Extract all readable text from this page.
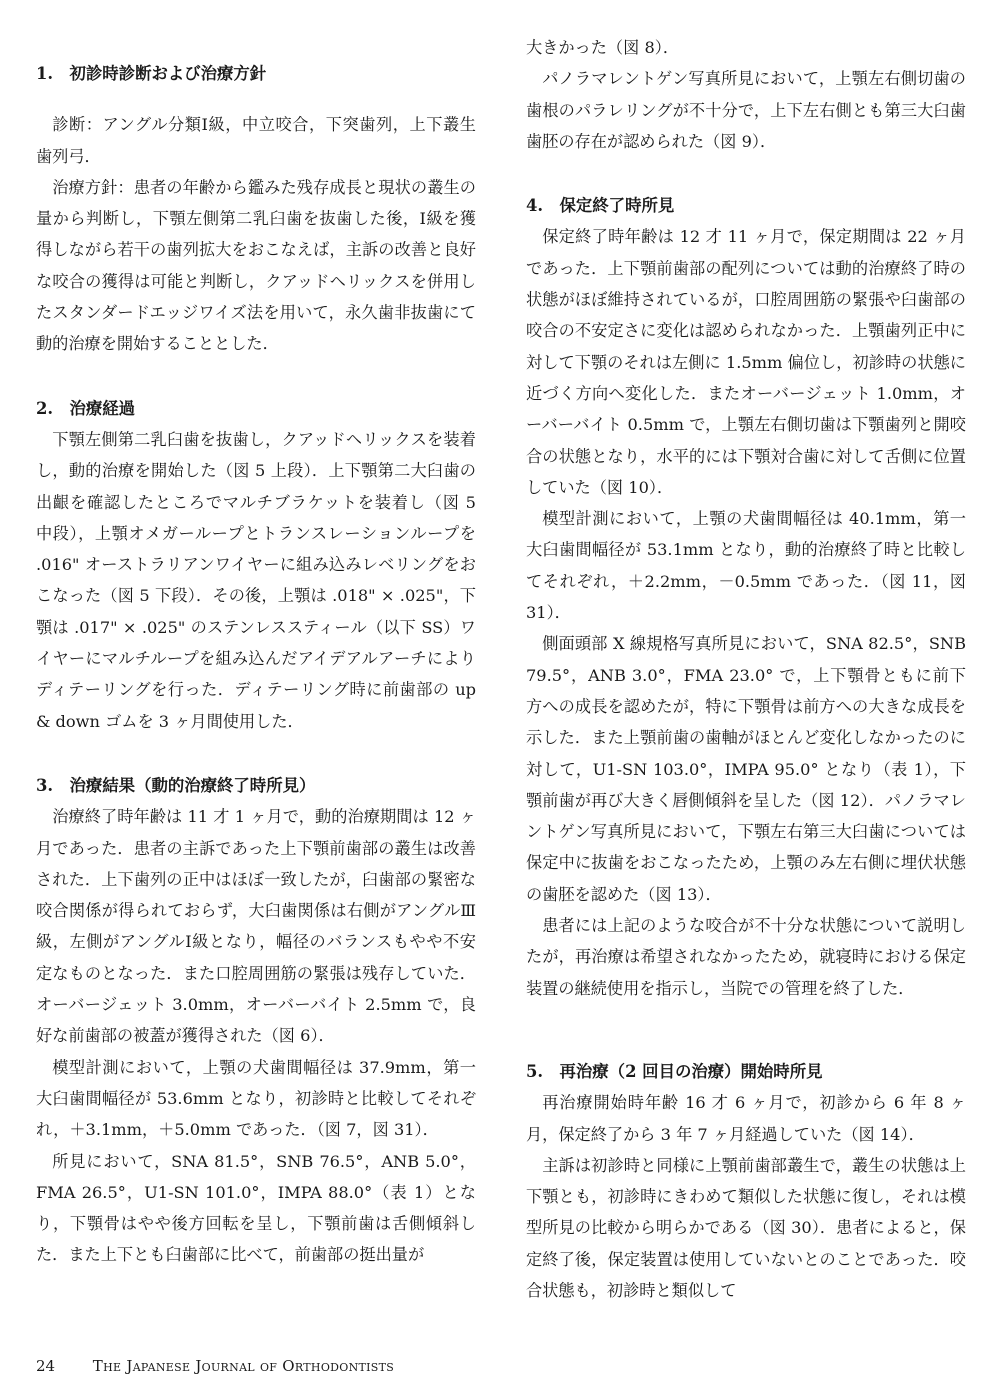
1.　初診時診断および治療方針

診断：アングル分類Ⅰ級，中立咬合，下突歯列，上下叢生歯列弓．

治療方針：患者の年齢から鑑みた残存成長と現状の叢生の量から判断し，下顎左側第二乳臼歯を抜歯した後，Ⅰ級を獲得しながら若干の歯列拡大をおこなえば，主訴の改善と良好な咬合の獲得は可能と判断し，クアッドヘリックスを併用したスタンダードエッジワイズ法を用いて，永久歯非抜歯にて動的治療を開始することとした．

2.　治療経過

下顎左側第二乳臼歯を抜歯し，クアッドヘリックスを装着し，動的治療を開始した（図 5 上段）．上下顎第二大臼歯の出齦を確認したところでマルチブラケットを装着し（図 5 中段），上顎オメガーループとトランスレーションループを .016" オーストラリアンワイヤーに組み込みレベリングをおこなった（図 5 下段）．その後，上顎は .018" × .025"，下顎は .017" × .025" のステンレススティール（以下 SS）ワイヤーにマルチループを組み込んだアイデアルアーチによりディテーリングを行った．ディテーリング時に前歯部の up & down ゴムを 3 ヶ月間使用した．

3.　治療結果（動的治療終了時所見）

治療終了時年齢は 11 才 1 ヶ月で，動的治療期間は 12 ヶ月であった．患者の主訴であった上下顎前歯部の叢生は改善された．上下歯列の正中はほぼ一致したが，臼歯部の緊密な咬合関係が得られておらず，大臼歯関係は右側がアングルⅢ級，左側がアングルⅠ級となり，幅径のバランスもやや不安定なものとなった．また口腔周囲筋の緊張は残存していた．オーバージェット 3.0mm，オーバーバイト 2.5mm で，良好な前歯部の被蓋が獲得された（図 6）．

模型計測において，上顎の犬歯間幅径は 37.9mm，第一大臼歯間幅径が 53.6mm となり，初診時と比較してそれぞれ，＋3.1mm，＋5.0mm であった．（図 7，図 31）．

所見において，SNA 81.5°，SNB 76.5°，ANB 5.0°，FMA 26.5°，U1-SN 101.0°，IMPA 88.0°（表 1）となり，下顎骨はやや後方回転を呈し，下顎前歯は舌側傾斜した．また上下とも臼歯部に比べて，前歯部の挺出量が

大きかった（図 8）．

パノラマレントゲン写真所見において，上顎左右側切歯の歯根のパラレリングが不十分で，上下左右側とも第三大臼歯歯胚の存在が認められた（図 9）．

4.　保定終了時所見

保定終了時年齢は 12 才 11 ヶ月で，保定期間は 22 ヶ月であった．上下顎前歯部の配列については動的治療終了時の状態がほぼ維持されているが，口腔周囲筋の緊張や臼歯部の咬合の不安定さに変化は認められなかった．上顎歯列正中に対して下顎のそれは左側に 1.5mm 偏位し，初診時の状態に近づく方向へ変化した．またオーバージェット 1.0mm，オーバーバイト 0.5mm で，上顎左右側切歯は下顎歯列と開咬合の状態となり，水平的には下顎対合歯に対して舌側に位置していた（図 10）．

模型計測において，上顎の犬歯間幅径は 40.1mm，第一大臼歯間幅径が 53.1mm となり，動的治療終了時と比較してそれぞれ，＋2.2mm，－0.5mm であった．（図 11，図 31）．

側面頭部 X 線規格写真所見において，SNA 82.5°，SNB 79.5°，ANB 3.0°，FMA 23.0° で，上下顎骨ともに前下方への成長を認めたが，特に下顎骨は前方への大きな成長を示した．また上顎前歯の歯軸がほとんど変化しなかったのに対して，U1-SN 103.0°，IMPA 95.0° となり（表 1），下顎前歯が再び大きく唇側傾斜を呈した（図 12）．パノラマレントゲン写真所見において，下顎左右第三大臼歯については保定中に抜歯をおこなったため，上顎のみ左右側に埋伏状態の歯胚を認めた（図 13）．

患者には上記のような咬合が不十分な状態について説明したが，再治療は希望されなかったため，就寝時における保定装置の継続使用を指示し，当院での管理を終了した．

5.　再治療（2 回目の治療）開始時所見

再治療開始時年齢 16 才 6 ヶ月で，初診から 6 年 8 ヶ月，保定終了から 3 年 7 ヶ月経過していた（図 14）．

主訴は初診時と同様に上顎前歯部叢生で，叢生の状態は上下顎とも，初診時にきわめて類似した状態に復し，それは模型所見の比較から明らかである（図 30）．患者によると，保定終了後，保定装置は使用していないとのことであった．咬合状態も，初診時と類似して

24	The Japanese Journal of Orthodontists
